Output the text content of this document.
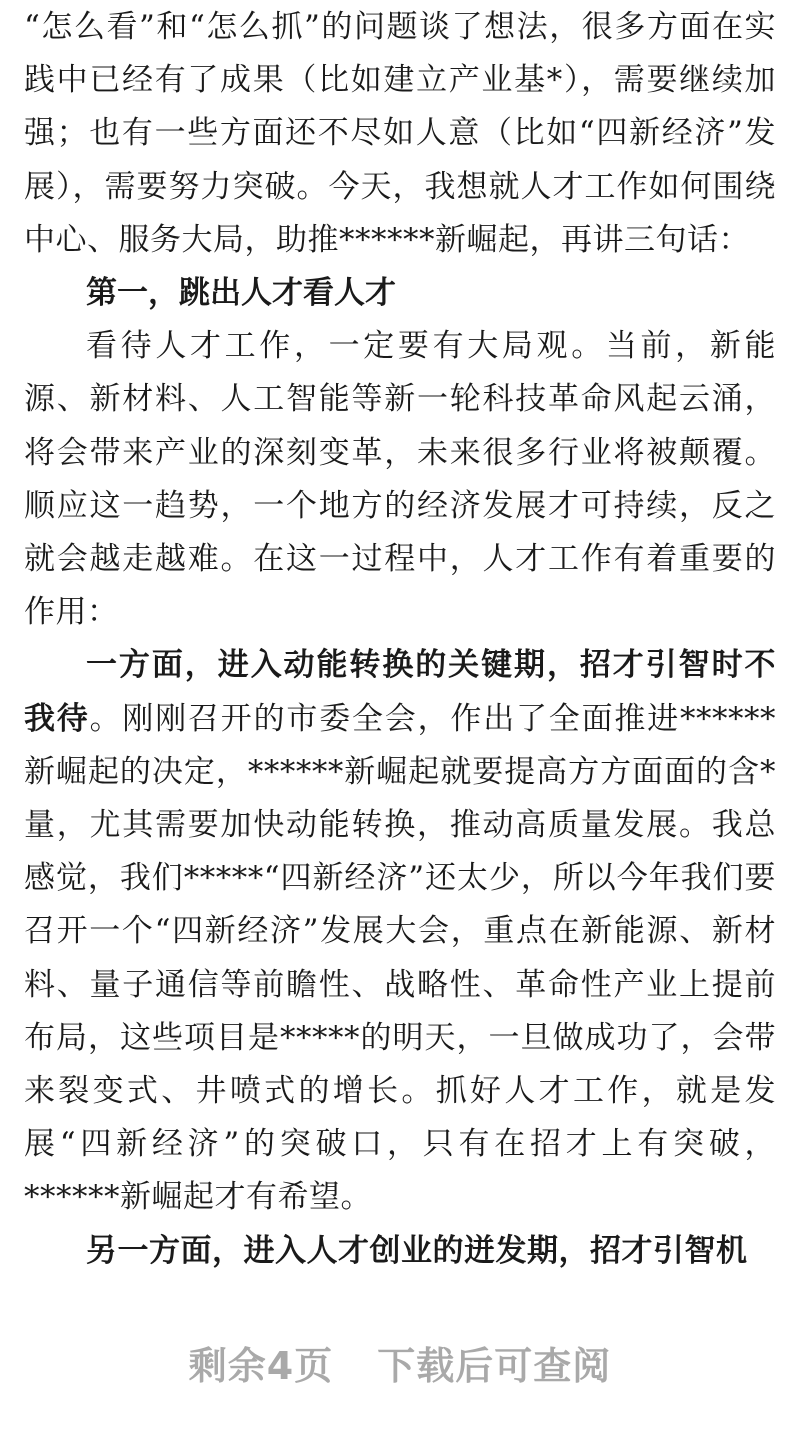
“怎么看”和“怎么抓”的问题谈了想法，很多方面在实践中已经有了成果（比如建立产业基*），需要继续加强；也有一些方面还不尽如人意（比如“四新经济”发展），需要努力突破。今天，我想就人才工作如何围绕中心、服务大局，助推******新崛起，再讲三句话：

第一，跳出人才看人才

看待人才工作，一定要有大局观。当前，新能源、新材料、人工智能等新一轮科技革命风起云涌，将会带来产业的深刻变革，未来很多行业将被颠覆。顺应这一趋势，一个地方的经济发展才可持续，反之就会越走越难。在这一过程中，人才工作有着重要的作用：

一方面，进入动能转换的关键期，招才引智时不我待。刚刚召开的市委全会，作出了全面推进******新崛起的决定，******新崛起就要提高方方面面的含*量，尤其需要加快动能转换，推动高质量发展。我总感觉，我们*****“四新经济”还太少，所以今年我们要召开一个“四新经济”发展大会，重点在新能源、新材料、量子通信等前瞻性、战略性、革命性产业上提前布局，这些项目是*****的明天，一旦做成功了，会带来裂变式、井喷式的增长。抓好人才工作，就是发展“四新经济”的突破口，只有在招才上有突破，******新崛起才有希望。

另一方面，进入人才创业的迸发期，招才引智机

剩余4页 下载后可查阅
